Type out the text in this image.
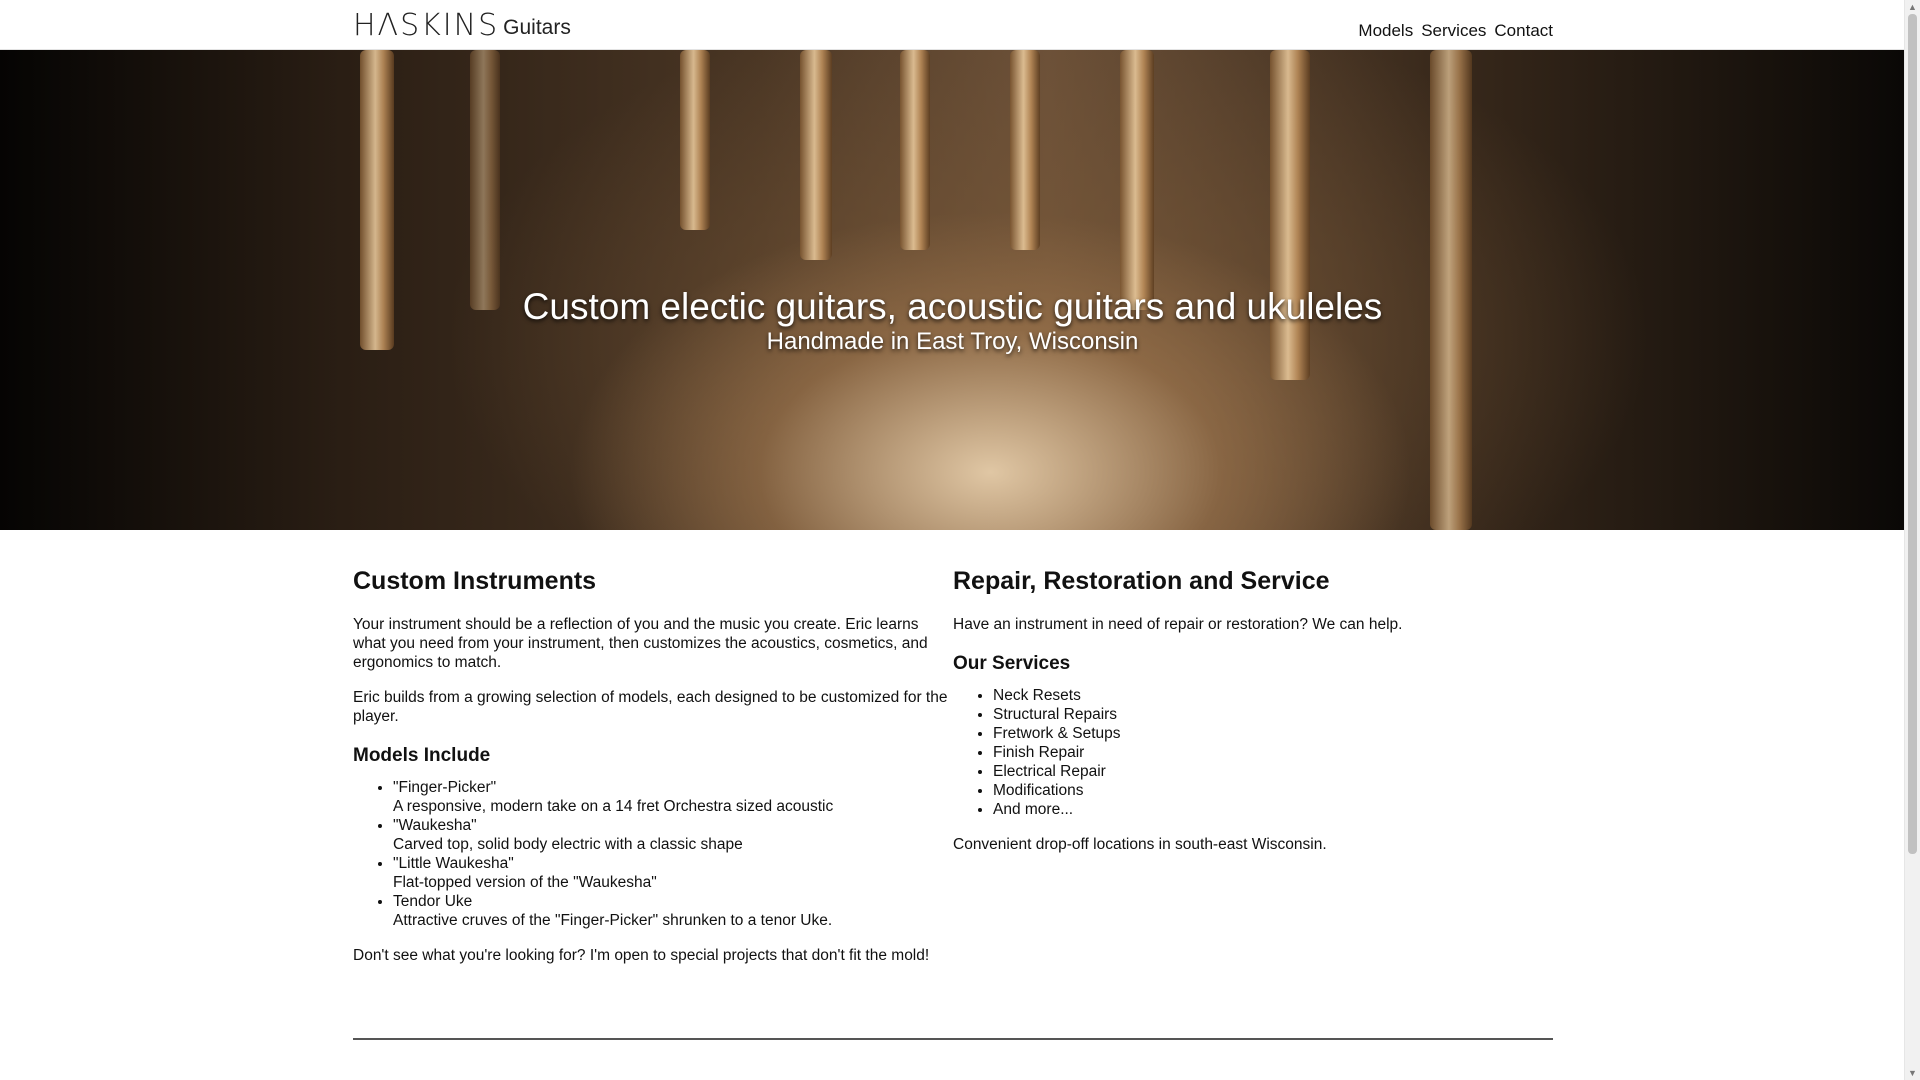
HΛSKINS Guitars	Models Services Contact
Custom electic guitars, acoustic guitars and ukuleles
Handmade in East Troy, Wisconsin
Custom Instruments

Your instrument should be a reflection of you and the music you create. Eric learns what you need from your instrument, then customizes the acoustics, cosmetics, and ergonomics to match.

Eric builds from a growing selection of models, each designed to be customized for the player.

Models Include
• "Finger-Picker"
A responsive, modern take on a 14 fret Orchestra sized acoustic
• "Waukesha"
Carved top, solid body electric with a classic shape
• "Little Waukesha"
Flat-topped version of the "Waukesha"
• Tendor Uke
Attractive cruves of the "Finger-Picker" shrunken to a tenor Uke.

Don't see what you're looking for? I'm open to special projects that don't fit the mold!

Repair, Restoration and Service

Have an instrument in need of repair or restoration? We can help.

Our Services
• Neck Resets
• Structural Repairs
• Fretwork & Setups
• Finish Repair
• Electrical Repair
• Modifications
• And more...

Convenient drop-off locations in south-east Wisconsin.

▲
▼
